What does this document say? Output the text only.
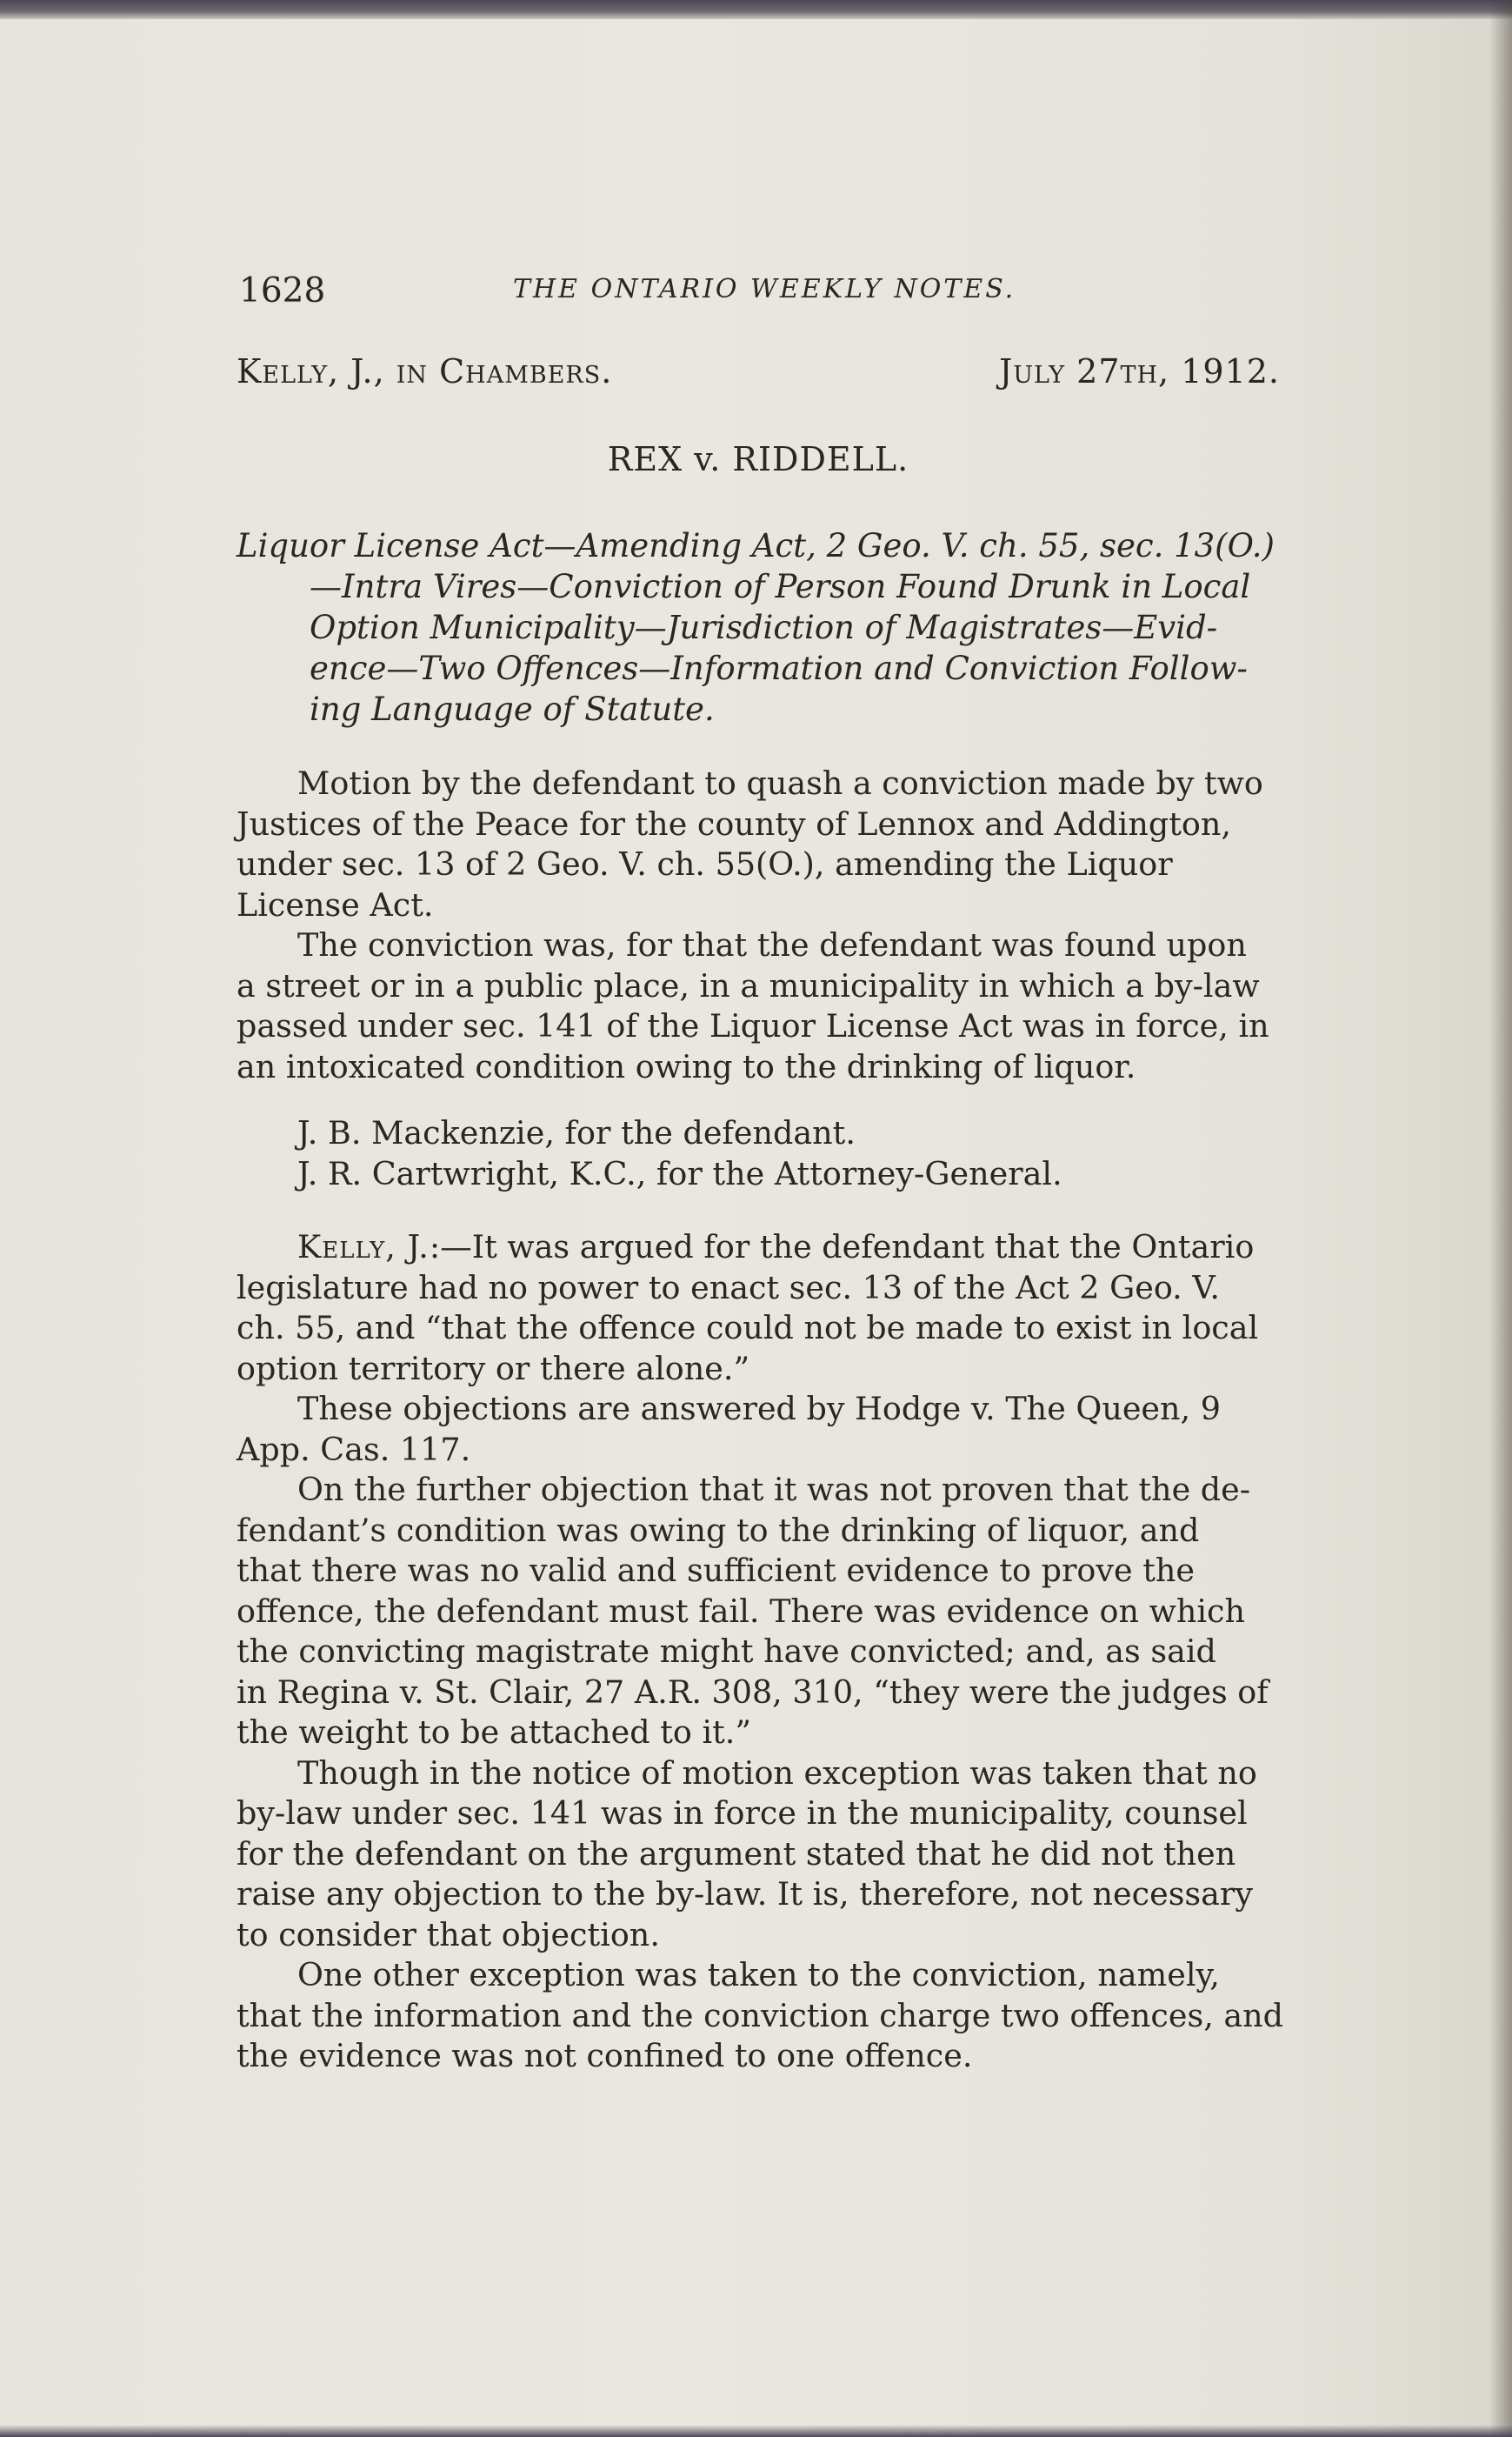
1628	THE ONTARIO WEEKLY NOTES.
Kelly, J., in Chambers.	July 27th, 1912.
REX v. RIDDELL.
Liquor License Act—Amending Act, 2 Geo. V. ch. 55, sec. 13(O.)
—Intra Vires—Conviction of Person Found Drunk in Local
Option Municipality—Jurisdiction of Magistrates—Evid-
ence—Two Offences—Information and Conviction Follow-
ing Language of Statute.
Motion by the defendant to quash a conviction made by two
Justices of the Peace for the county of Lennox and Addington,
under sec. 13 of 2 Geo. V. ch. 55(O.), amending the Liquor
License Act.
The conviction was, for that the defendant was found upon
a street or in a public place, in a municipality in which a by-law
passed under sec. 141 of the Liquor License Act was in force, in
an intoxicated condition owing to the drinking of liquor.
J. B. Mackenzie, for the defendant.
J. R. Cartwright, K.C., for the Attorney-General.
Kelly, J.:—It was argued for the defendant that the Ontario
legislature had no power to enact sec. 13 of the Act 2 Geo. V.
ch. 55, and “that the offence could not be made to exist in local
option territory or there alone.”
These objections are answered by Hodge v. The Queen, 9
App. Cas. 117.
On the further objection that it was not proven that the de-
fendant’s condition was owing to the drinking of liquor, and
that there was no valid and sufficient evidence to prove the
offence, the defendant must fail. There was evidence on which
the convicting magistrate might have convicted; and, as said
in Regina v. St. Clair, 27 A.R. 308, 310, “they were the judges of
the weight to be attached to it.”
Though in the notice of motion exception was taken that no
by-law under sec. 141 was in force in the municipality, counsel
for the defendant on the argument stated that he did not then
raise any objection to the by-law. It is, therefore, not necessary
to consider that objection.
One other exception was taken to the conviction, namely,
that the information and the conviction charge two offences, and
the evidence was not confined to one offence.
